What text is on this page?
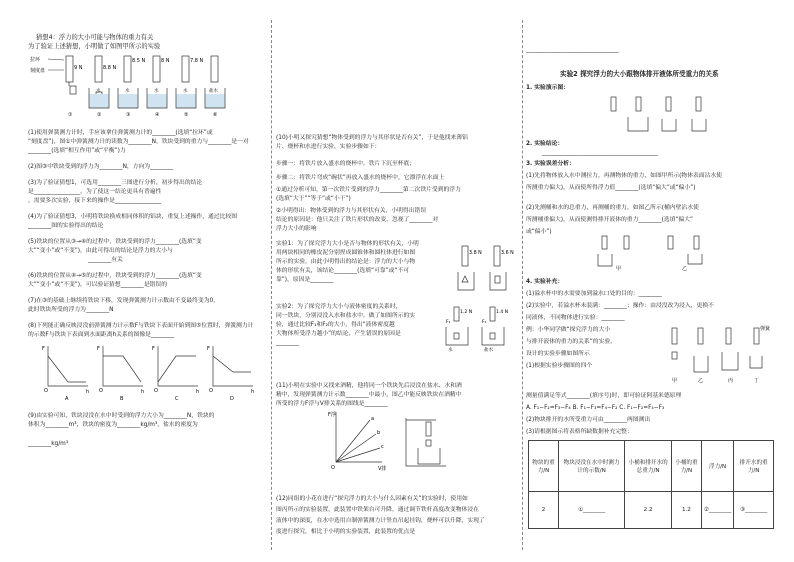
猜想4：浮力的大小可能与物体的重力有关
为了验证上述猜想，小明做了如图甲所示的实验
拉环
刻度盘	9 N	8.8 N
8.5 N	8 N	7.8 N
水	水	水	水	盐水
①	②	③	④	⑤	⑥
(1)使用弹簧测力计时，手应该拿住弹簧测力计的________(选填“拉环”或
“刻度盘”)，图①中弹簧测力计的读数为________N，铁块受到的重力与________是一对
________(选填“相互作用”或“平衡”)力
(2)图③中铁块受到的浮力为________N，方向为________
(3)为了验证猜想1，可选用________三图进行分析，初步得出的结论
是________________，为了使这一结论更具有普遍性
，需要多次实验，接下来的操作是________________
(4)为了验证猜想3，小明将铁块换成相同体积的铝块，重复上述操作，通过比较图
________图的实验得出的结论
(5)铁块的位置从③→④的过程中，铁块受到的浮力________(选填“变
大”“变小”或“不变”)，由此可得出的结论是浮力的大小与
________有关
(6)铁块的位置从④→⑤的过程中，铁块受到的浮力________(选填“变
大”“变小”或“不变”)，可以验证猜想________是错误的
(7)在③的基础上继续将铁块下移，发现弹簧测力计示数由不变最终变为0，
此时铁块所受的浮力为________N
(8)下列能正确反映浸没前弹簧测力计示数F与铁块下表面开始到图⑤位置时，弹簧测力计
的示数F与铁块下表面到水面距离h关系的图像是________
F
O	h
F
O	h
F
O	h
F
O	h
A	B	C	D
(9)由实验可知，铁块浸没在水中时受到的浮力大小为________N，铁块的
体积为________m³，铁块的密度为________kg/m³，盐水的密度为
________kg/m³
(10)小明又探究猜想“物体受到的浮力与其形状是否有关”，于是他找来薄铝
片、烧杯和水进行实验，实验步骤如下：
步骤一：将铁片放入盛水的烧杯中，铁片下沉至杯底；
步骤二：将铁片弯成“碗状”再放入盛水的烧杯中，它漂浮在水面上
①通过分析可知，第一次铁片受到的浮力________第二次铁片受到的浮力
(选填“大于”“等于”或“小于”)
②小明得出：物体受到的浮力与其形状有关，小明得出错误
结论的原因是：他只关注了铁片形状的改变，忽视了________对
浮力大小的影响
实验1：为了探究浮力大小是否与物体的形状有关，小明
用两块相同的橡皮泥分别捏成圆锥体和圆柱体进行如图
所示的实验，由此小明得出的结论是：浮力的大小与物
体的形状有关，该结论________(选填“可靠”或“不可
靠”)，原因是________
3.8 N	3.6 N
实验2：为了探究浮力大小与液体密度的关系时，
同一铁块，分别浸没入水和盐水中，做了如图所示的实
验，通过比较F₁和F₂的大小，得出“液体密度越
大物体所受浮力越小”的结论，产生错误的原因是
________
1.2 N	1.4 N
水	盐水
F₁	F₂
(11)小明在实验中又找来酒精，他将同一个铁块先后浸没在盐水、水和酒
精中，发现弹簧测力计示数________中最小，图乙中能反映铁块在酒精中
所受的浮力F浮与V排关系的图线是________
F浮
V排
O
a
b
c
(12)同组的小花在进行“探究浮力的大小与什么因素有关”的实验时，使用如
图丙所示的实验装置，此装置中铁架台可升降，通过调节铁杆高度改变物体浸在
液体中的深度，在水中选用自制弹簧测力计竖直吊起挂钩，烧杯可以升降，实现了
度进行探究，相比于小明的实验装置，此装置的优点是
________________________________
实验2 探究浮力的大小跟物体排开液体所受重力的关系
1. 实验演示图：
2. 实验结论：
________________________________________
3. 实验误差分析：
(1)先将物体放入水中测拉力，再测物体的重力，如图甲所示(物体表面沾水使
所测重力偏大)，从而使所得浮力值________(选填“偏大”或“偏小”)
(2)先测桶和水的总重力，再测桶的重力，如图乙所示(桶内壁沾水使
所测桶重偏大)，从而使测得排开液体的重力________(选填“偏大”
或“偏小”)
甲	乙
4. 实验补充：
(1)溢水杯中的水需要加到溢水口处的目的：________
(2)实验中，若溢水杯未装满：________；操作：由浸没改为浸入，更换不
同液体，不同物体进行实验：________
例：小华同学做“探究浮力的大小
与排开液体的重力的关系”的实验，
设计的实验步骤如图所示
(1)根据实验步骤图的四个
弹簧
甲	乙	丙	丁
测量值满足等式________(填序号)时，即可验证阿基米德原理
A. F₁−F₂=F₃−F₄ B. F₁−F₃=F₄−F₂ C. F₁−F₂=F₄−F₃
(2)物块排开的水所受重力可由________两图测出
(3)请根据图示将表格所缺数据补充完整：
物块的重力/N	物块浸没在水中时测力计的示数/N	小桶和排开水的总重力/N	小桶的重力/N	浮力/N	排开水的重力/N
2	①________	2.2	1.2	②________	③________
